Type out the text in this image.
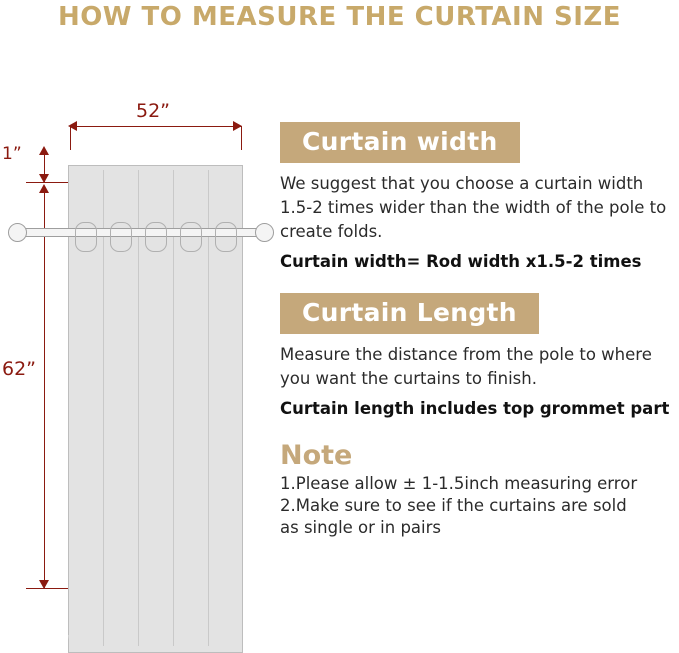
HOW TO MEASURE THE CURTAIN SIZE
52”
1”
62”
Curtain width

We suggest that you choose a curtain width 1.5-2 times wider than the width of the pole to create folds.

Curtain width= Rod width x1.5-2 times

Curtain Length

Measure the distance from the pole to where you want the curtains to finish.

Curtain length includes top grommet part

Note

1.Please allow ± 1-1.5inch measuring error

2.Make sure to see if the curtains are sold

as single or in pairs
